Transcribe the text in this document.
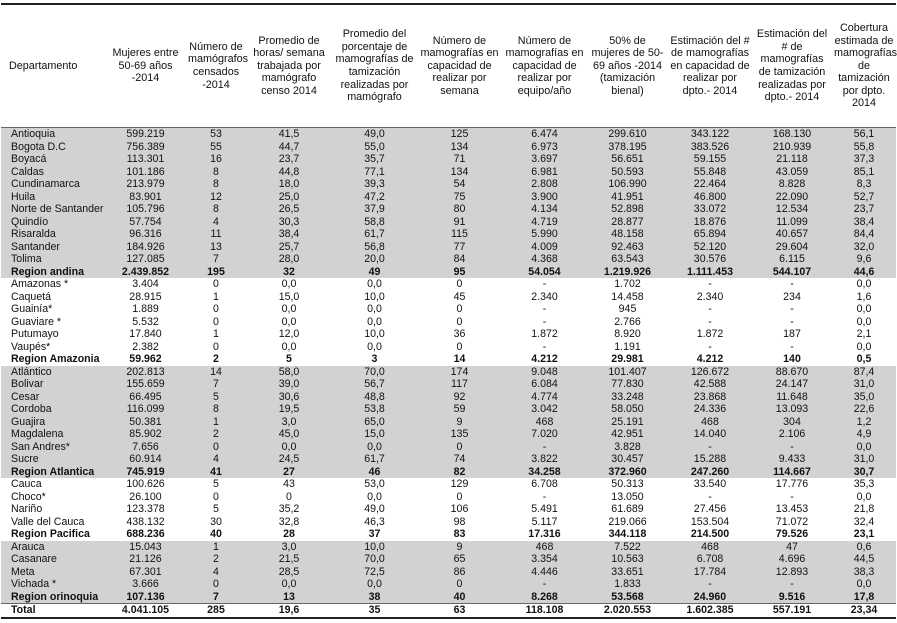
Departamento	Mujeres entre 50-69 años -2014	Número de mamógrafos censados -2014	Promedio de horas/ semana trabajada por mamógrafo censo 2014	Promedio del porcentaje de mamografías de tamización realizadas por mamógrafo	Número de mamografías en capacidad de realizar por semana	Número de mamografías en capacidad de realizar por equipo/año	50% de mujeres de 50-69 años -2014 (tamización bienal)	Estimación del # de mamografías en capacidad de realizar por dpto.- 2014	Estimación del # de mamografías de tamización realizadas por dpto.- 2014	Cobertura estimada de mamografías de tamización por dpto. 2014
Antioquia	599.219	53	41,5	49,0	125	6.474	299.610	343.122	168.130	56,1
Bogota D.C	756.389	55	44,7	55,0	134	6.973	378.195	383.526	210.939	55,8
Boyacá	113.301	16	23,7	35,7	71	3.697	56.651	59.155	21.118	37,3
Caldas	101.186	8	44,8	77,1	134	6.981	50.593	55.848	43.059	85,1
Cundinamarca	213.979	8	18,0	39,3	54	2.808	106.990	22.464	8.828	8,3
Huila	83.901	12	25,0	47,2	75	3.900	41.951	46.800	22.090	52,7
Norte de Santander	105.796	8	26,5	37,9	80	4.134	52.898	33.072	12.534	23,7
Quindío	57.754	4	30,3	58,8	91	4.719	28.877	18.876	11.099	38,4
Risaralda	96.316	11	38,4	61,7	115	5.990	48.158	65.894	40.657	84,4
Santander	184.926	13	25,7	56,8	77	4.009	92.463	52.120	29.604	32,0
Tolima	127.085	7	28,0	20,0	84	4.368	63.543	30.576	6.115	9,6
Region andina	2.439.852	195	32	49	95	54.054	1.219.926	1.111.453	544.107	44,6
Amazonas *	3.404	0	0,0	0,0	0	-	1.702	-	-	0,0
Caquetá	28.915	1	15,0	10,0	45	2.340	14.458	2.340	234	1,6
Guainía*	1.889	0	0,0	0,0	0	-	945	-	-	0,0
Guaviare *	5.532	0	0,0	0,0	0	-	2.766	-	-	0,0
Putumayo	17.840	1	12,0	10,0	36	1.872	8.920	1.872	187	2,1
Vaupés*	2.382	0	0,0	0,0	0	-	1.191	-	-	0,0
Region Amazonia	59.962	2	5	3	14	4.212	29.981	4.212	140	0,5
Atlántico	202.813	14	58,0	70,0	174	9.048	101.407	126.672	88.670	87,4
Bolivar	155.659	7	39,0	56,7	117	6.084	77.830	42.588	24.147	31,0
Cesar	66.495	5	30,6	48,8	92	4.774	33.248	23.868	11.648	35,0
Cordoba	116.099	8	19,5	53,8	59	3.042	58.050	24.336	13.093	22,6
Guajira	50.381	1	3,0	65,0	9	468	25.191	468	304	1,2
Magdalena	85.902	2	45,0	15,0	135	7.020	42.951	14.040	2.106	4,9
San Andres*	7.656	0	0,0	0,0	0	-	3.828	-	-	0,0
Sucre	60.914	4	24,5	61,7	74	3.822	30.457	15.288	9.433	31,0
Region Atlantica	745.919	41	27	46	82	34.258	372.960	247.260	114.667	30,7
Cauca	100.626	5	43	53,0	129	6.708	50.313	33.540	17.776	35,3
Choco*	26.100	0	0	0,0	0	-	13.050	-	-	0,0
Nariño	123.378	5	35,2	49,0	106	5.491	61.689	27.456	13.453	21,8
Valle del Cauca	438.132	30	32,8	46,3	98	5.117	219.066	153.504	71.072	32,4
Region Pacifica	688.236	40	28	37	83	17.316	344.118	214.500	79.526	23,1
Arauca	15.043	1	3,0	10,0	9	468	7.522	468	47	0,6
Casanare	21.126	2	21,5	70,0	65	3.354	10.563	6.708	4.696	44,5
Meta	67.301	4	28,5	72,5	86	4.446	33.651	17.784	12.893	38,3
Vichada *	3.666	0	0,0	0,0	0	-	1.833	-	-	0,0
Region orinoquia	107.136	7	13	38	40	8.268	53.568	24.960	9.516	17,8
Total	4.041.105	285	19,6	35	63	118.108	2.020.553	1.602.385	557.191	23,34
